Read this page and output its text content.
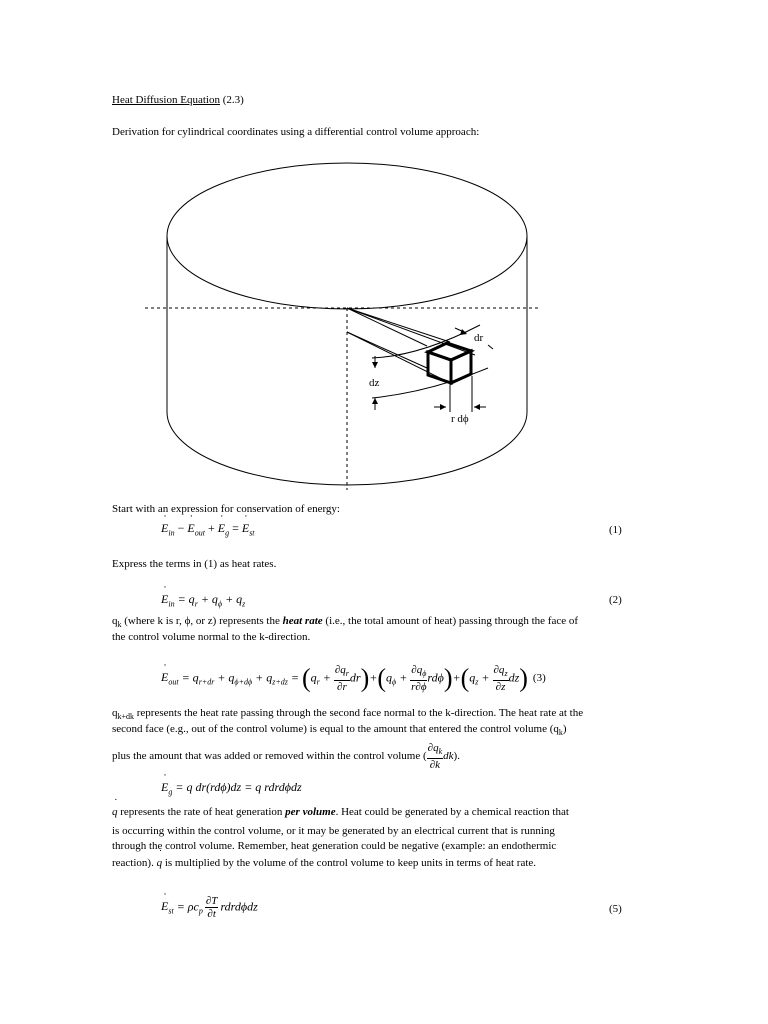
Heat Diffusion Equation (2.3)
Derivation for cylindrical coordinates using a differential control volume approach:
dr
dz
r dϕ
Start with an expression for conservation of energy:
˙ $E_{in}$ − ˙ $E_{out}$ + ˙ $E_g$ = ˙ $E_{st}$	(1)
Express the terms in (1) as heat rates.
˙ $E_{in} = q_r + q_\phi + q_z$	(2)
$q_k$ (where k is r, ϕ, or z) represents the heat rate (i.e., the total amount of heat) passing through the face of
the control volume normal to the k-direction.
˙ $E_{out} = q_{r+dr} + q_{\phi+d\phi} + q_{z+dz} = (q_r + \frac{\partial q_r}{\partial r} dr)+(q_\phi + \frac{\partial q_\phi}{r\partial\phi} rd\phi)+(q_z + \frac{\partial q_z}{\partial z} dz)$ (3)
$q_{k+dk}$ represents the heat rate passing through the second face normal to the k-direction. The heat rate at the
second face (e.g., out of the control volume) is equal to the amount that entered the control volume $(q_k)$
plus the amount that was added or removed within the control volume ( $\frac{\partial q_k}{\partial k} dk$).
˙ $E_g = q$ dr(rdϕ)dz = q rdrdϕdz
˙ q represents the rate of heat generation per volume. Heat could be generated by a chemical reaction that
is occurring within the control volume, or it may be generated by an electrical current that is running
through the control volume. Remember, heat generation could be negative (example: an endothermic
reaction). ˙ q is multiplied by the volume of the control volume to keep units in terms of heat rate.
˙ $E_{st} = \rho c_p \frac{\partial T}{\partial t}$ rdrdϕdz	(5)
